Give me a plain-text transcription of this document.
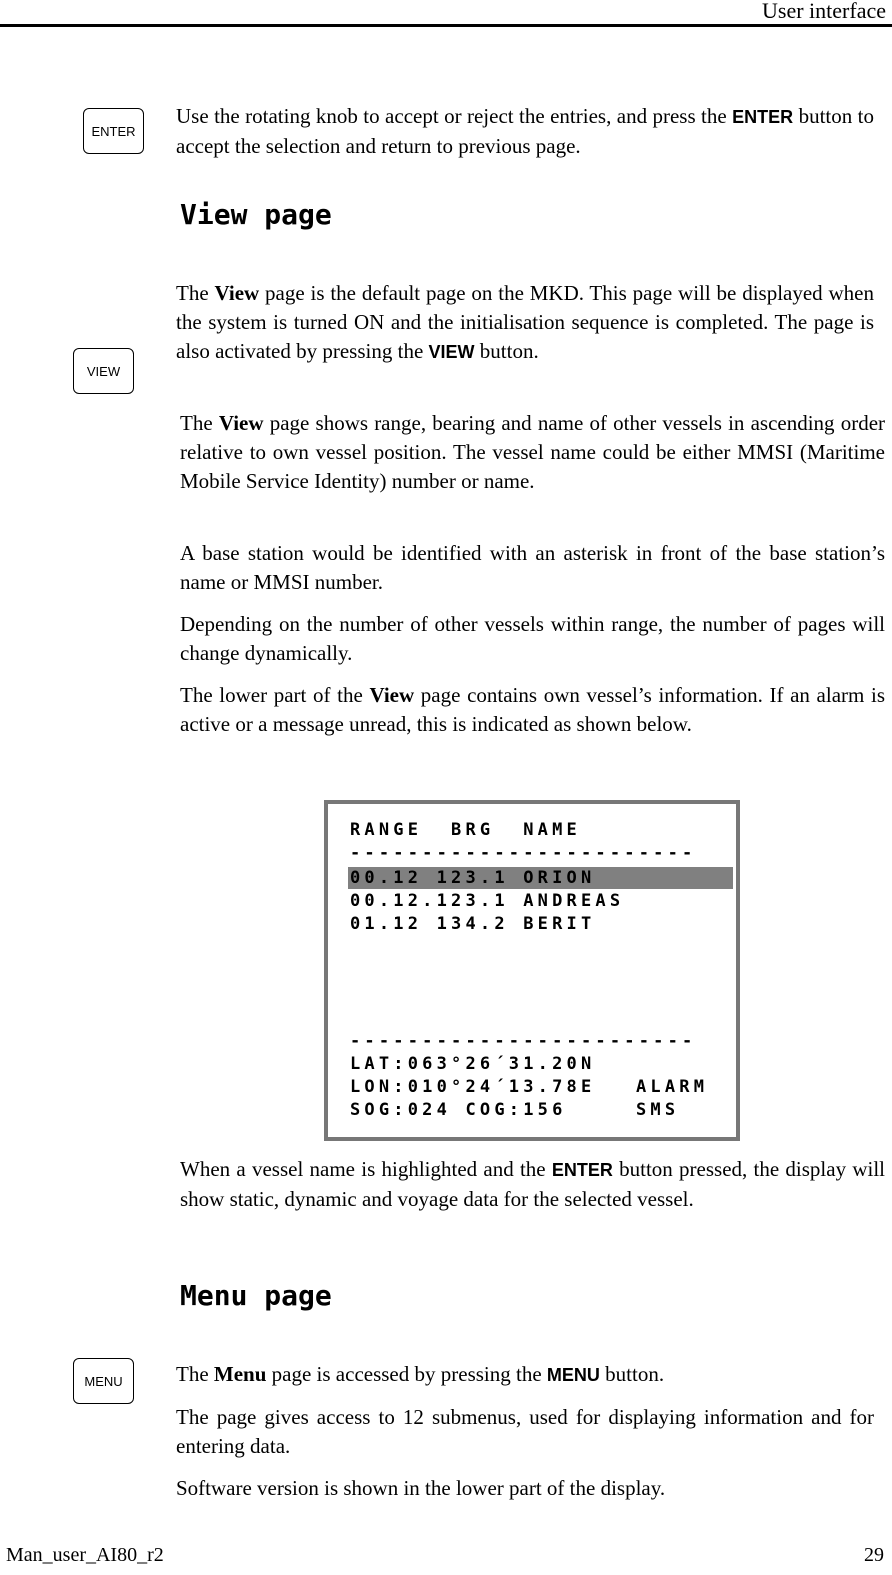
User interface
ENTER

Use the rotating knob to accept or reject the entries, and press the ENTER button to accept the selection and return to previous page.

View page
VIEW

The View page is the default page on the MKD. This page will be displayed when the system is turned ON and the initialisation sequence is completed. The page is also activated by pressing the VIEW button.

The View page shows range, bearing and name of other vessels in ascending order relative to own vessel position. The vessel name could be either MMSI (Maritime Mobile Service Identity) number or name.

A base station would be identified with an asterisk in front of the base station’s name or MMSI number.

Depending on the number of other vessels within range, the number of pages will change dynamically.

The lower part of the View page contains own vessel’s information. If an alarm is active or a message unread, this is indicated as shown below.

RANGE  BRG  NAME
------------------------
00.12 123.1 ORION
00.12.123.1 ANDREAS
01.12 134.2 BERIT
------------------------
LAT:063°26´31.20N
LON:010°24´13.78E
SOG:024 COG:156
ALARM
SMS

When a vessel name is highlighted and the ENTER button pressed, the display will show static, dynamic and voyage data for the selected vessel.

Menu page
MENU	The Menu page is accessed by pressing the MENU button.

The page gives access to 12 submenus, used for displaying information and for entering data.

Software version is shown in the lower part of the display.

Man_user_AI80_r2	29
